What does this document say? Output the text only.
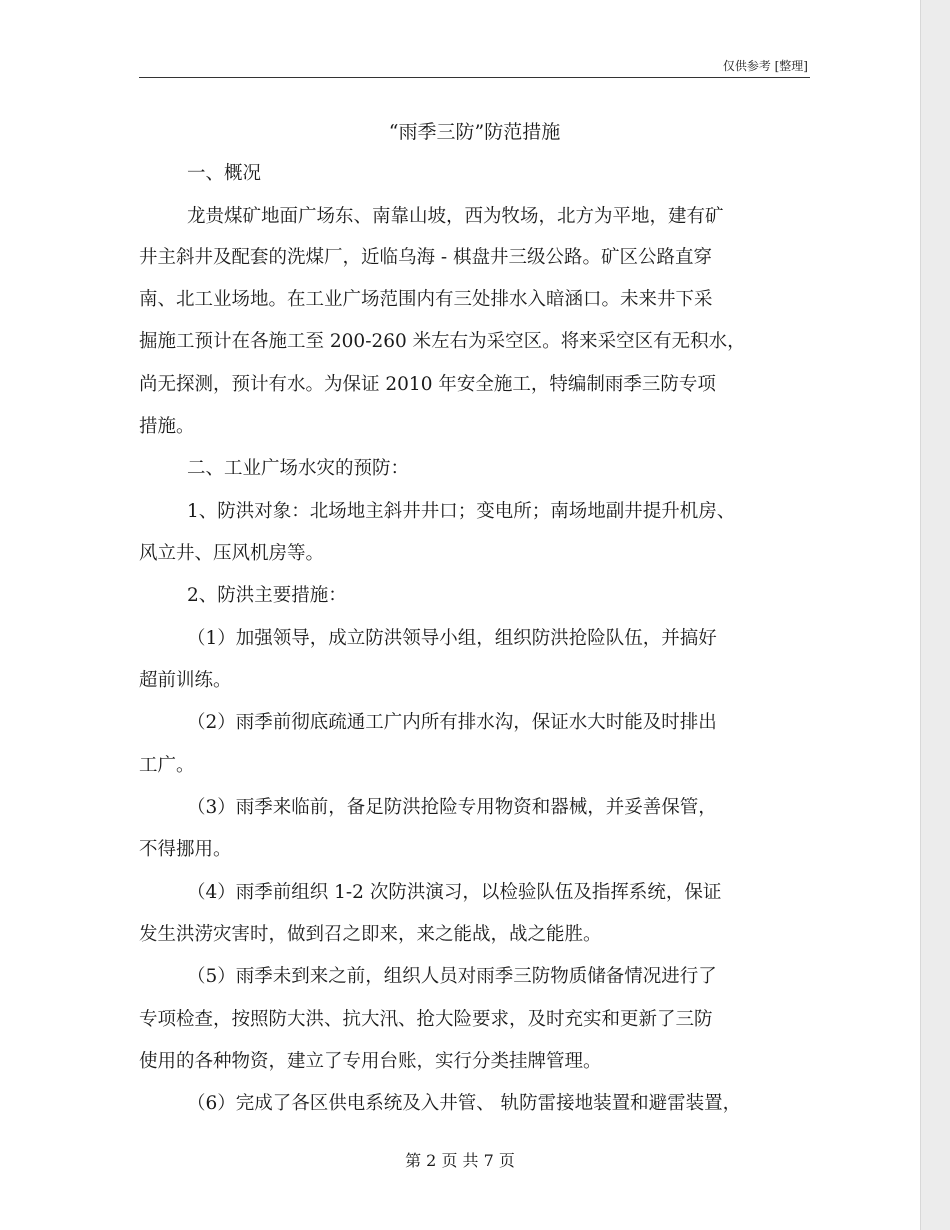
仅供参考 [整理]
“雨季三防”防范措施
一、概况
龙贵煤矿地面广场东、南靠山坡，西为牧场，北方为平地，建有矿
井主斜井及配套的洗煤厂，近临乌海 - 棋盘井三级公路。矿区公路直穿
南、北工业场地。在工业广场范围内有三处排水入暗涵口。未来井下采
掘施工预计在各施工至 200-260 米左右为采空区。将来采空区有无积水，
尚无探测，预计有水。为保证 2010 年安全施工，特编制雨季三防专项
措施。
二、工业广场水灾的预防：
1、防洪对象：北场地主斜井井口；变电所；南场地副井提升机房、
风立井、压风机房等。
2、防洪主要措施：
（1）加强领导，成立防洪领导小组，组织防洪抢险队伍，并搞好
超前训练。
（2）雨季前彻底疏通工广内所有排水沟，保证水大时能及时排出
工广。
（3）雨季来临前，备足防洪抢险专用物资和器械，并妥善保管，
不得挪用。
（4）雨季前组织 1-2 次防洪演习，以检验队伍及指挥系统，保证
发生洪涝灾害时，做到召之即来，来之能战，战之能胜。
（5）雨季未到来之前，组织人员对雨季三防物质储备情况进行了
专项检查，按照防大洪、抗大汛、抢大险要求，及时充实和更新了三防
使用的各种物资，建立了专用台账，实行分类挂牌管理。
（6）完成了各区供电系统及入井管、 轨防雷接地装置和避雷装置，
第 2 页 共 7 页
